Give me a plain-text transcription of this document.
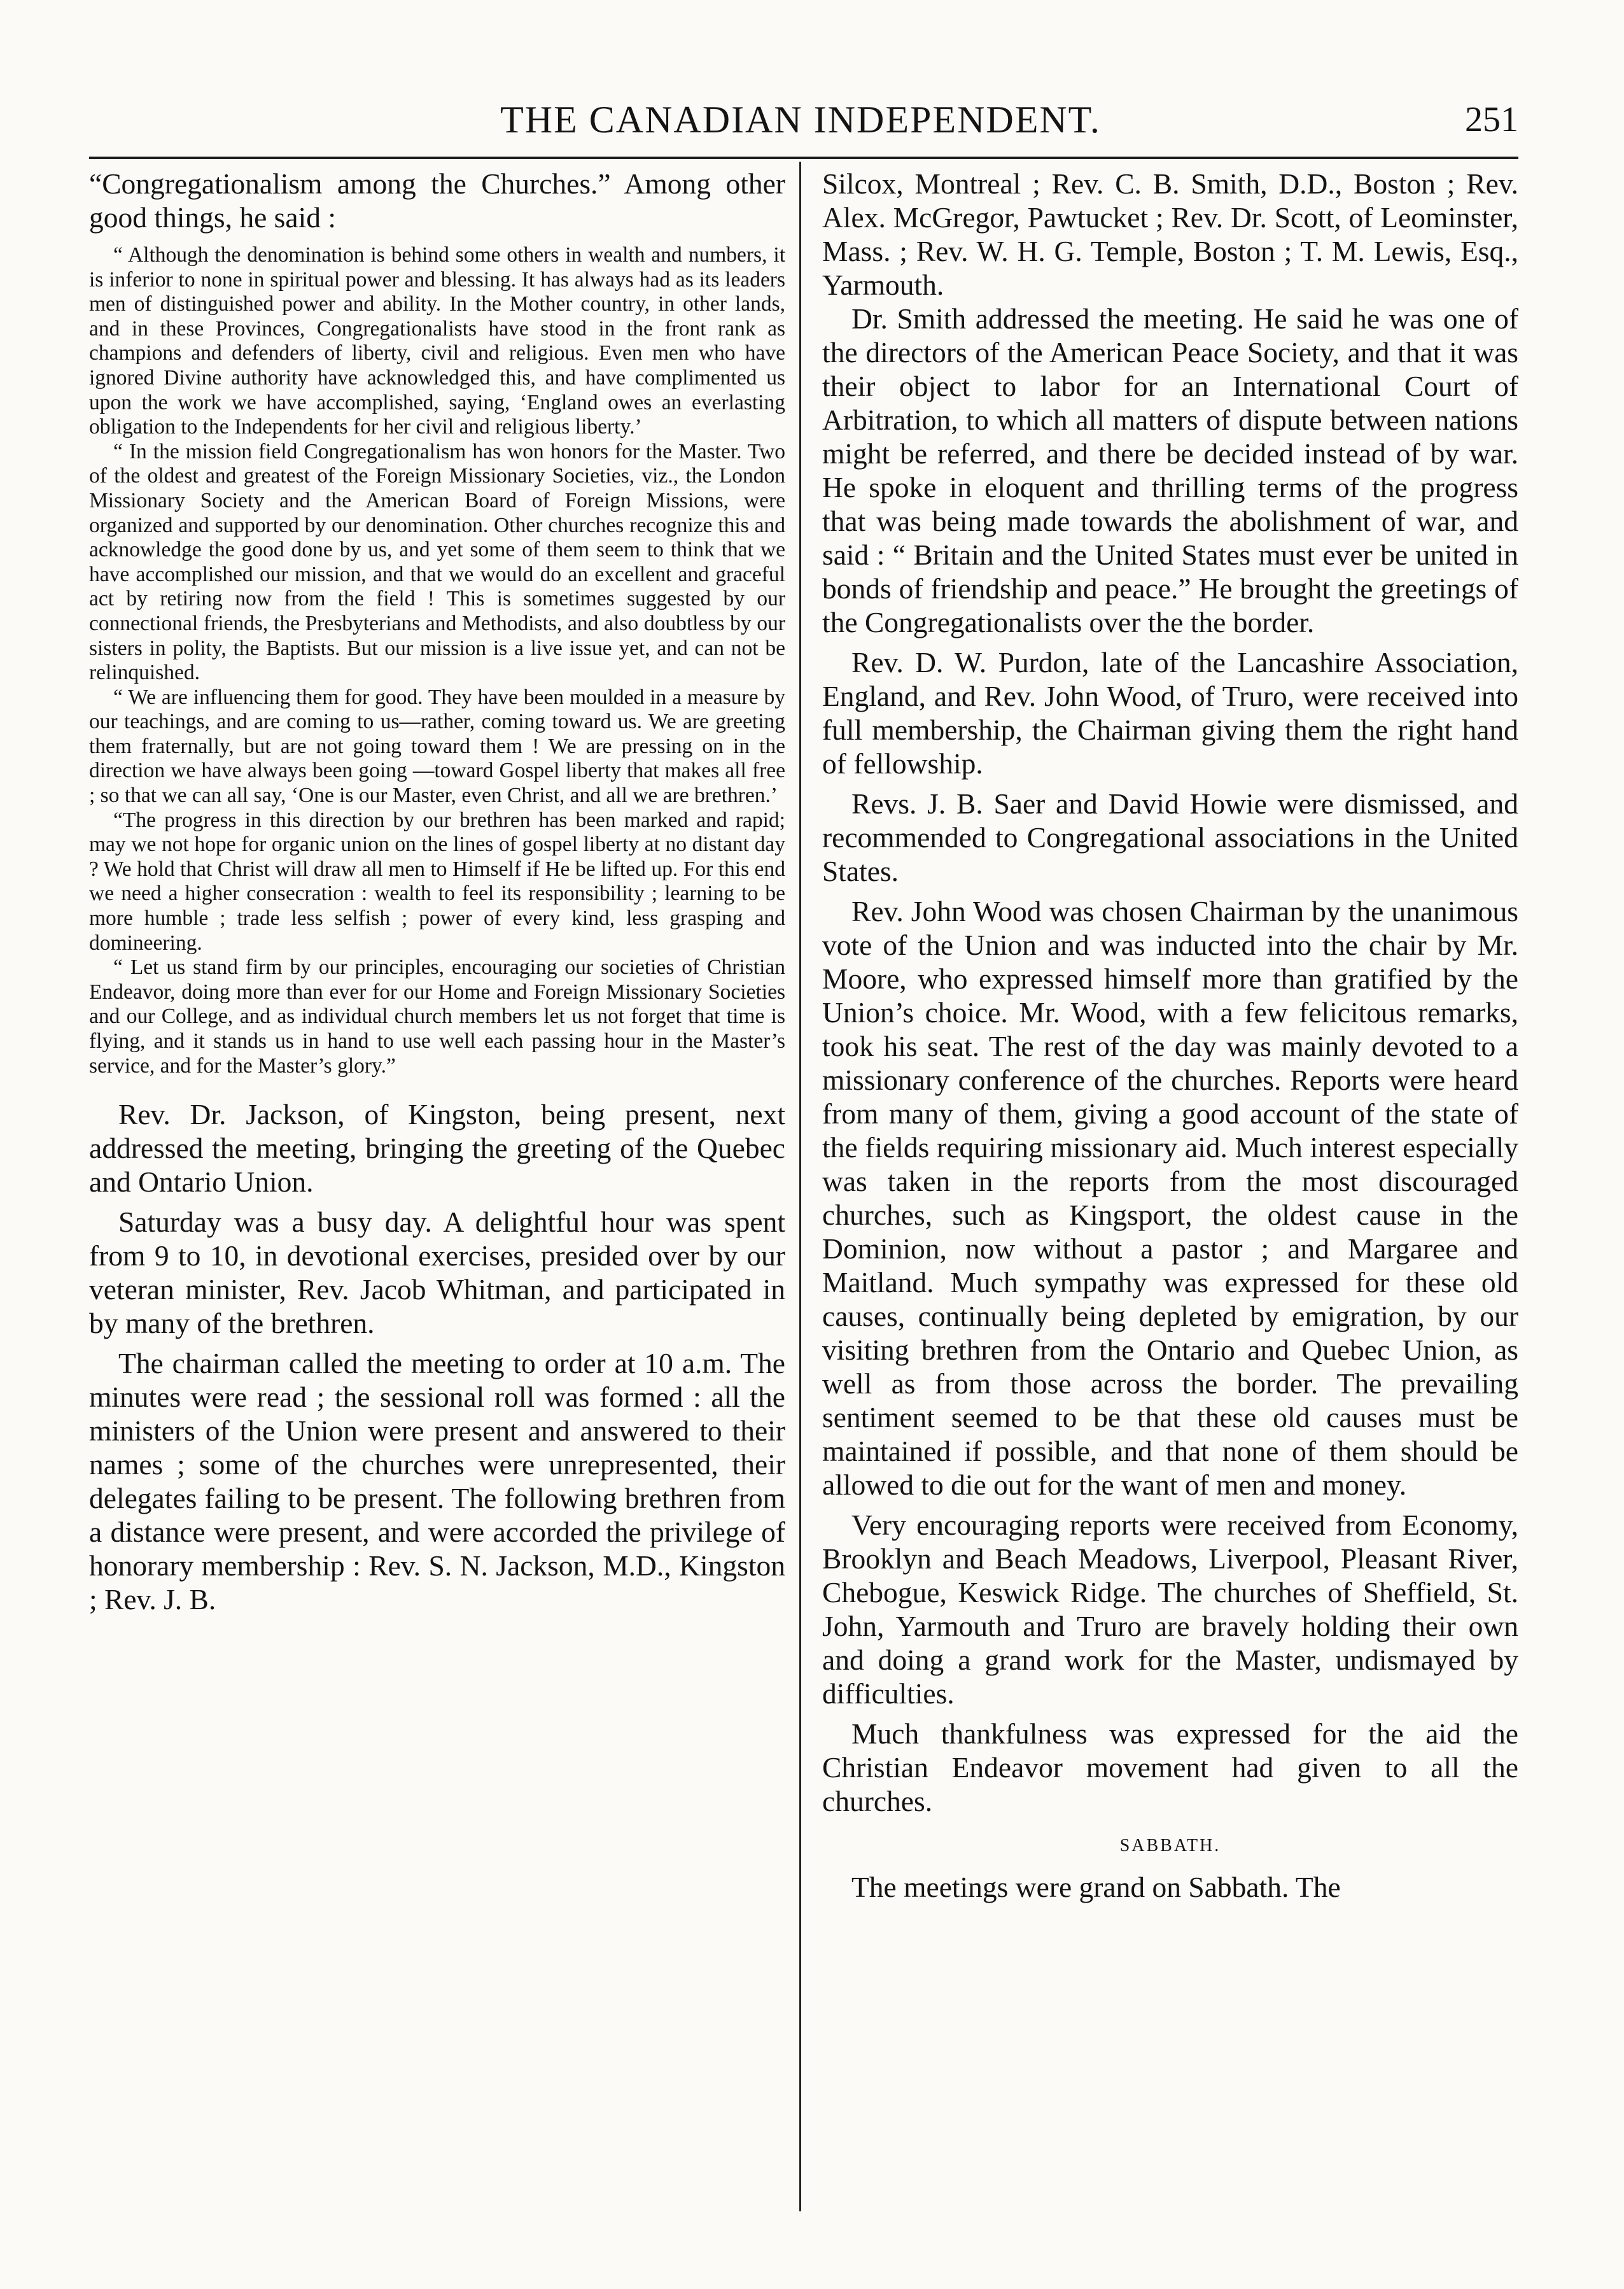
THE CANADIAN INDEPENDENT.	251

“Congregationalism among the Churches.” Among other good things, he said :

“ Although the denomination is behind some others in wealth and numbers, it is inferior to none in spiritual power and blessing. It has always had as its leaders men of distinguished power and ability. In the Mother country, in other lands, and in these Provinces, Congregationalists have stood in the front rank as champions and defenders of liberty, civil and religious. Even men who have ignored Divine authority have acknowledged this, and have complimented us upon the work we have accomplished, saying, ‘England owes an everlasting obligation to the Independents for her civil and religious liberty.’

“ In the mission field Congregationalism has won honors for the Master. Two of the oldest and greatest of the Foreign Missionary Societies, viz., the London Missionary Society and the American Board of Foreign Missions, were organized and supported by our denomination. Other churches recognize this and acknowledge the good done by us, and yet some of them seem to think that we have accomplished our mission, and that we would do an excellent and graceful act by retiring now from the field ! This is sometimes suggested by our connectional friends, the Presbyterians and Methodists, and also doubtless by our sisters in polity, the Baptists. But our mission is a live issue yet, and can not be relinquished.

“ We are influencing them for good. They have been moulded in a measure by our teachings, and are coming to us—rather, coming toward us. We are greeting them fraternally, but are not going toward them ! We are pressing on in the direction we have always been going —toward Gospel liberty that makes all free ; so that we can all say, ‘One is our Master, even Christ, and all we are brethren.’

“The progress in this direction by our brethren has been marked and rapid; may we not hope for organic union on the lines of gospel liberty at no distant day ? We hold that Christ will draw all men to Himself if He be lifted up. For this end we need a higher consecration : wealth to feel its responsibility ; learning to be more humble ; trade less selfish ; power of every kind, less grasping and domineering.

“ Let us stand firm by our principles, encouraging our societies of Christian Endeavor, doing more than ever for our Home and Foreign Missionary Societies and our College, and as individual church members let us not forget that time is flying, and it stands us in hand to use well each passing hour in the Master’s service, and for the Master’s glory.”

Rev. Dr. Jackson, of Kingston, being present, next addressed the meeting, bringing the greeting of the Quebec and Ontario Union.

Saturday was a busy day. A delightful hour was spent from 9 to 10, in devotional exercises, presided over by our veteran minister, Rev. Jacob Whitman, and participated in by many of the brethren.

The chairman called the meeting to order at 10 a.m. The minutes were read ; the sessional roll was formed : all the ministers of the Union were present and answered to their names ; some of the churches were unrepresented, their delegates failing to be present. The following brethren from a distance were present, and were accorded the privilege of honorary membership : Rev. S. N. Jackson, M.D., Kingston ; Rev. J. B.

Silcox, Montreal ; Rev. C. B. Smith, D.D., Boston ; Rev. Alex. McGregor, Pawtucket ; Rev. Dr. Scott, of Leominster, Mass. ; Rev. W. H. G. Temple, Boston ; T. M. Lewis, Esq., Yarmouth.

Dr. Smith addressed the meeting. He said he was one of the directors of the American Peace Society, and that it was their object to labor for an International Court of Arbitration, to which all matters of dispute between nations might be referred, and there be decided instead of by war. He spoke in eloquent and thrilling terms of the progress that was being made towards the abolishment of war, and said : “ Britain and the United States must ever be united in bonds of friendship and peace.” He brought the greetings of the Congregationalists over the the border.

Rev. D. W. Purdon, late of the Lancashire Association, England, and Rev. John Wood, of Truro, were received into full membership, the Chairman giving them the right hand of fellowship.

Revs. J. B. Saer and David Howie were dismissed, and recommended to Congregational associations in the United States.

Rev. John Wood was chosen Chairman by the unanimous vote of the Union and was inducted into the chair by Mr. Moore, who expressed himself more than gratified by the Union’s choice. Mr. Wood, with a few felicitous remarks, took his seat. The rest of the day was mainly devoted to a missionary conference of the churches. Reports were heard from many of them, giving a good account of the state of the fields requiring missionary aid. Much interest especially was taken in the reports from the most discouraged churches, such as Kingsport, the oldest cause in the Dominion, now without a pastor ; and Margaree and Maitland. Much sympathy was expressed for these old causes, continually being depleted by emigration, by our visiting brethren from the Ontario and Quebec Union, as well as from those across the border. The prevailing sentiment seemed to be that these old causes must be maintained if possible, and that none of them should be allowed to die out for the want of men and money.

Very encouraging reports were received from Economy, Brooklyn and Beach Meadows, Liverpool, Pleasant River, Chebogue, Keswick Ridge. The churches of Sheffield, St. John, Yarmouth and Truro are bravely holding their own and doing a grand work for the Master, undismayed by difficulties.

Much thankfulness was expressed for the aid the Christian Endeavor movement had given to all the churches.

SABBATH.

The meetings were grand on Sabbath. The
